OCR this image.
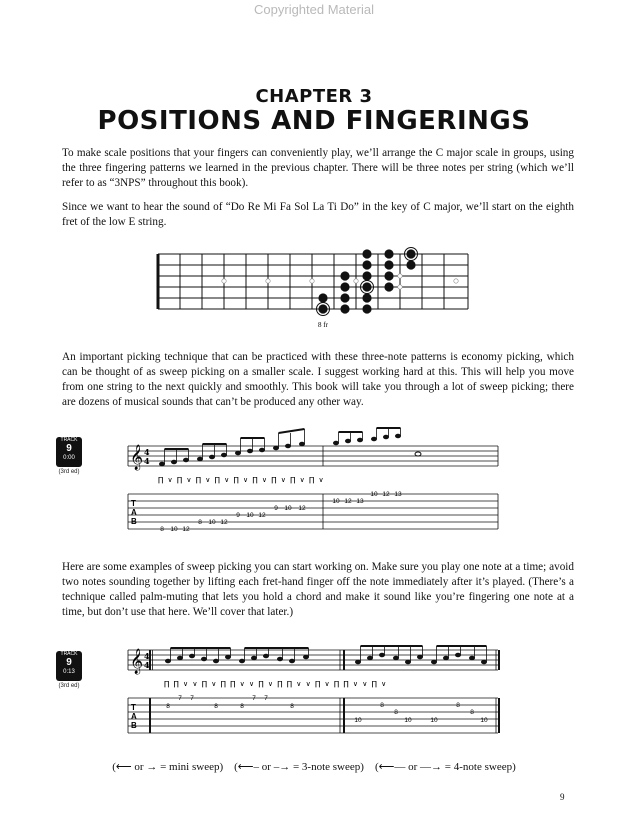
Copyrighted Material
CHAPTER 3
POSITIONS AND FINGERINGS
To make scale positions that your fingers can conveniently play, we’ll arrange the C major scale in groups, using the three fingering patterns we learned in the previous chapter. There will be three notes per string (which we’ll refer to as “3NPS” throughout this book).
Since we want to hear the sound of “Do Re Mi Fa Sol La Ti Do” in the key of C major, we’ll start on the eighth fret of the low E string.
8 fr
An important picking technique that can be practiced with these three-note patterns is economy picking, which can be thought of as sweep picking on a smaller scale. I suggest working hard at this. This will help you move from one string to the next quickly and smoothly. This book will take you through a lot of sweep picking; there are dozens of musical sounds that can’t be produced any other way.
TRACK
9
0:00
(3rd ed)
𝄞 4
4
∏ ∨ ∏ ∨ ∏ ∨ ∏ ∨ ∏ ∨ ∏ ∨ ∏ ∨ ∏ ∨ ∏ ∨
T
A
B
8 10 12
8 10 12
9 10 12
9 10 12
10 12 13
10 12 13
Here are some examples of sweep picking you can start working on. Make sure you play one note at a time; avoid two notes sounding together by lifting each fret-hand finger off the note immediately after it’s played. (There’s a technique called palm-muting that lets you hold a chord and make it sound like you’re fingering one note at a time, but don’t use that here. We’ll cover that later.)
TRACK
9
0:13
(3rd ed)
𝄞 4
4
∏ ∏ ∨ ∨ ∏ ∨ ∏ ∏ ∨ ∨ ∏ ∨ ∏ ∏ ∨ ∨ ∏ ∨ ∏ ∏ ∨ ∨ ∏ ∨
T
A
B
7 7	7 7
8	8	8	8	8
8
8
8
10	10	10	10
(⟵ or → = mini sweep) (⟵– or –→ = 3-note sweep) (⟵–– or ––→ = 4-note sweep)
9
